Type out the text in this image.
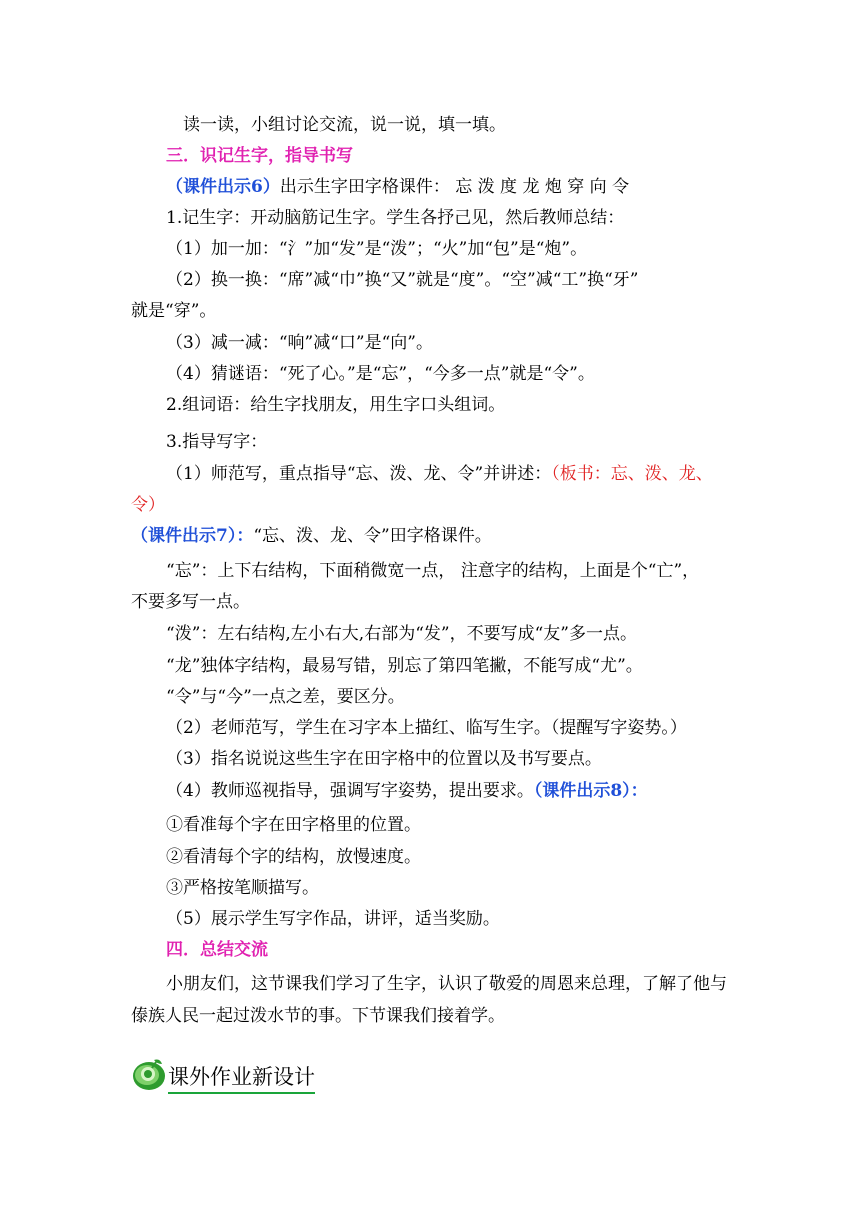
读一读，小组讨论交流，说一说，填一填。
三．识记生字，指导书写
（课件出示6）出示生字田字格课件： 忘 泼 度 龙 炮 穿 向 令
1.记生字：开动脑筋记生字。学生各抒己见，然后教师总结：
（1）加一加：“氵”加“发”是“泼”；“火”加“包”是“炮”。
（2）换一换：“席”减“巾”换“又”就是“度”。“空”减“工”换“牙”
就是“穿”。
（3）减一减：“响”减“口”是“向”。
（4）猜谜语：“死了心。”是“忘”，“今多一点”就是“令”。
2.组词语：给生字找朋友，用生字口头组词。
3.指导写字：
（1）师范写，重点指导“忘、泼、龙、令”并讲述：（板书：忘、泼、龙、
令）
（课件出示7）：“忘、泼、龙、令”田字格课件。
“忘”：上下右结构，下面稍微宽一点， 注意字的结构，上面是个“亡”，
不要多写一点。
“泼”：左右结构,左小右大,右部为“发”，不要写成“友”多一点。
“龙”独体字结构，最易写错，别忘了第四笔撇，不能写成“尤”。
“令”与“今”一点之差，要区分。
（2）老师范写，学生在习字本上描红、临写生字。（提醒写字姿势。）
（3）指名说说这些生字在田字格中的位置以及书写要点。
（4）教师巡视指导，强调写字姿势，提出要求。（课件出示8）：
①看准每个字在田字格里的位置。
②看清每个字的结构，放慢速度。
③严格按笔顺描写。
（5）展示学生写字作品，讲评，适当奖励。
四．总结交流
小朋友们，这节课我们学习了生字，认识了敬爱的周恩来总理，了解了他与
傣族人民一起过泼水节的事。下节课我们接着学。
课外作业新设计
